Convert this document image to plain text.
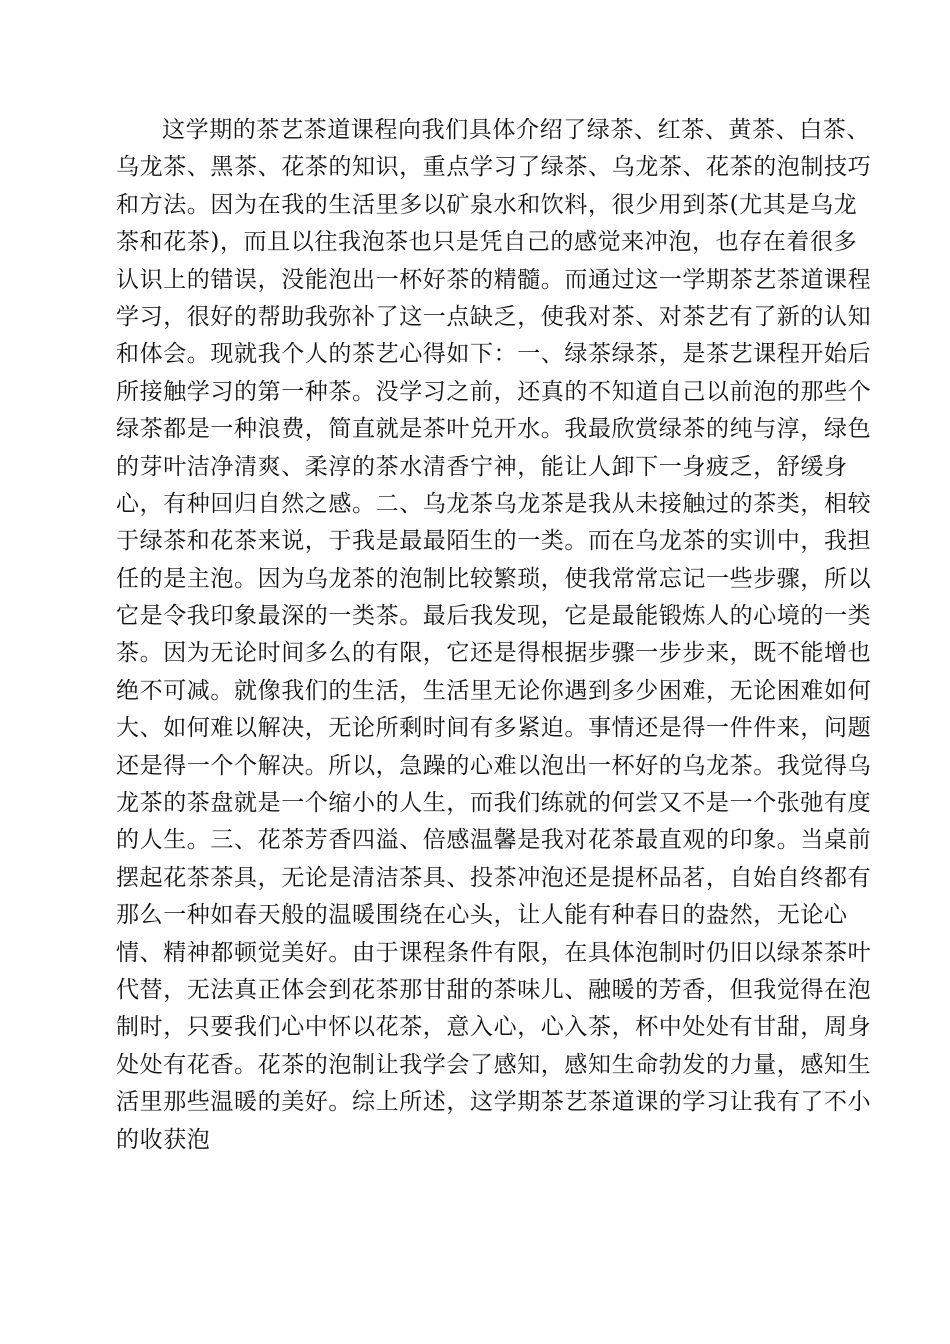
这学期的茶艺茶道课程向我们具体介绍了绿茶、红茶、黄茶、白茶、
乌龙茶、黑茶、花茶的知识，重点学习了绿茶、乌龙茶、花茶的泡制技巧
和方法。因为在我的生活里多以矿泉水和饮料，很少用到茶(尤其是乌龙
茶和花茶)，而且以往我泡茶也只是凭自己的感觉来冲泡，也存在着很多
认识上的错误，没能泡出一杯好茶的精髓。而通过这一学期茶艺茶道课程
学习，很好的帮助我弥补了这一点缺乏，使我对茶、对茶艺有了新的认知
和体会。现就我个人的茶艺心得如下：一、绿茶绿茶，是茶艺课程开始后
所接触学习的第一种茶。没学习之前，还真的不知道自己以前泡的那些个
绿茶都是一种浪费，简直就是茶叶兑开水。我最欣赏绿茶的纯与淳，绿色
的芽叶洁净清爽、柔淳的茶水清香宁神，能让人卸下一身疲乏，舒缓身
心，有种回归自然之感。二、乌龙茶乌龙茶是我从未接触过的茶类，相较
于绿茶和花茶来说，于我是最最陌生的一类。而在乌龙茶的实训中，我担
任的是主泡。因为乌龙茶的泡制比较繁琐，使我常常忘记一些步骤，所以
它是令我印象最深的一类茶。最后我发现，它是最能锻炼人的心境的一类
茶。因为无论时间多么的有限，它还是得根据步骤一步步来，既不能增也
绝不可减。就像我们的生活，生活里无论你遇到多少困难，无论困难如何
大、如何难以解决，无论所剩时间有多紧迫。事情还是得一件件来，问题
还是得一个个解决。所以，急躁的心难以泡出一杯好的乌龙茶。我觉得乌
龙茶的茶盘就是一个缩小的人生，而我们练就的何尝又不是一个张弛有度
的人生。三、花茶芳香四溢、倍感温馨是我对花茶最直观的印象。当桌前
摆起花茶茶具，无论是清洁茶具、投茶冲泡还是提杯品茗，自始自终都有
那么一种如春天般的温暖围绕在心头，让人能有种春日的盎然，无论心
情、精神都顿觉美好。由于课程条件有限，在具体泡制时仍旧以绿茶茶叶
代替，无法真正体会到花茶那甘甜的茶味儿、融暖的芳香，但我觉得在泡
制时，只要我们心中怀以花茶，意入心，心入茶，杯中处处有甘甜，周身
处处有花香。花茶的泡制让我学会了感知，感知生命勃发的力量，感知生
活里那些温暖的美好。综上所述，这学期茶艺茶道课的学习让我有了不小
的收获泡
